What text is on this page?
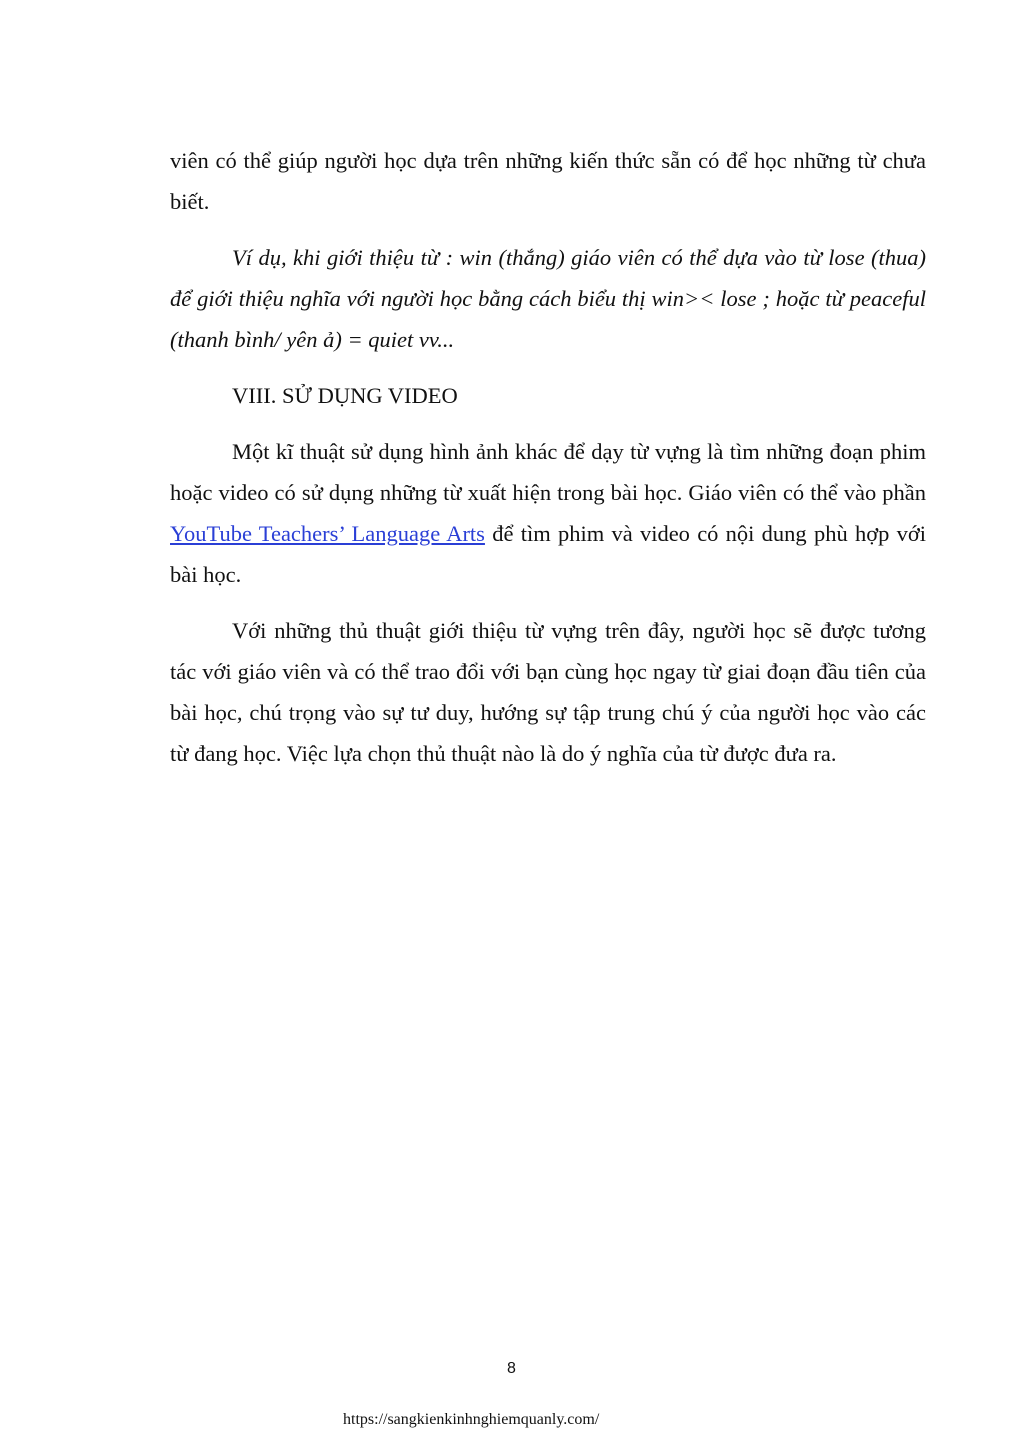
viên có thể giúp người học dựa trên những kiến thức sẵn có để học những từ chưa biết.

Ví dụ, khi giới thiệu từ : win (thắng) giáo viên có thể dựa vào từ lose (thua) để giới thiệu nghĩa với người học bằng cách biểu thị win>< lose ; hoặc từ peaceful (thanh bình/ yên ả) = quiet vv...

VIII. SỬ DỤNG VIDEO

Một kĩ thuật sử dụng hình ảnh khác để dạy từ vựng là tìm những đoạn phim hoặc video có sử dụng những từ xuất hiện trong bài học. Giáo viên có thể vào phần YouTube Teachers’ Language Arts để tìm phim và video có nội dung phù hợp với bài học.

Với những thủ thuật giới thiệu từ vựng trên đây, người học sẽ được tương tác với giáo viên và có thể trao đổi với bạn cùng học ngay từ giai đoạn đầu tiên của bài học, chú trọng vào sự tư duy, hướng sự tập trung chú ý của người học vào các từ đang học. Việc lựa chọn thủ thuật nào là do ý nghĩa của từ được đưa ra.

8
https://sangkienkinhnghiemquanly.com/
